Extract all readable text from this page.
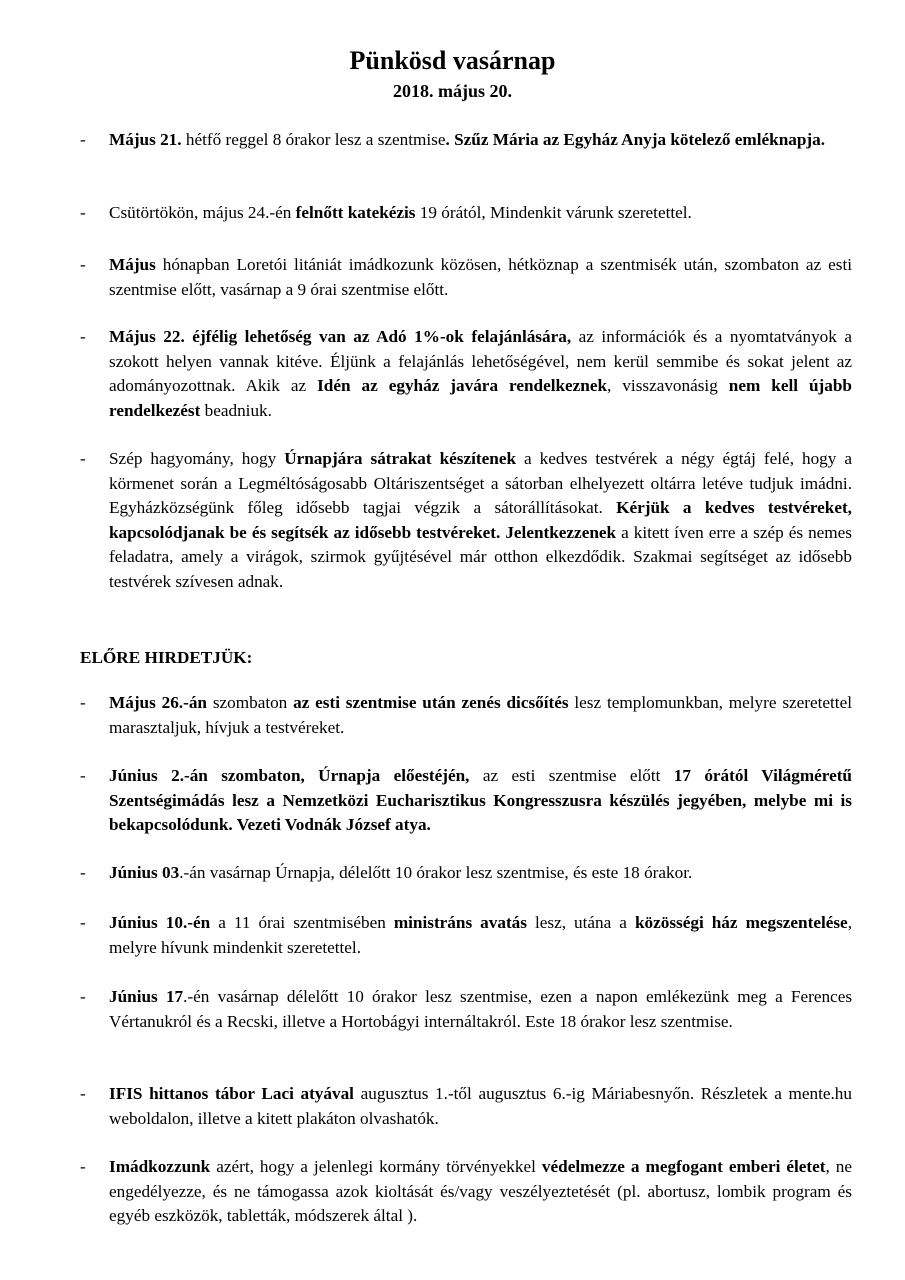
Pünkösd vasárnap
2018. május 20.
-	Május 21. hétfő reggel 8 órakor lesz a szentmise. Szűz Mária az Egyház Anyja kötelező emléknapja.
-	Csütörtökön, május 24.-én felnőtt katekézis 19 órától, Mindenkit várunk szeretettel.
-	Május hónapban Loretói litániát imádkozunk közösen, hétköznap a szentmisék után, szombaton az esti szentmise előtt, vasárnap a 9 órai szentmise előtt.
-	Május 22. éjfélig lehetőség van az Adó 1%-ok felajánlására, az információk és a nyomtatványok a szokott helyen vannak kitéve. Éljünk a felajánlás lehetőségével, nem kerül semmibe és sokat jelent az adományozottnak. Akik az Idén az egyház javára rendelkeznek, visszavonásig nem kell újabb rendelkezést beadniuk.
-	Szép hagyomány, hogy Úrnapjára sátrakat készítenek a kedves testvérek a négy égtáj felé, hogy a körmenet során a Legméltóságosabb Oltáriszentséget a sátorban elhelyezett oltárra letéve tudjuk imádni. Egyházközségünk főleg idősebb tagjai végzik a sátorállításokat. Kérjük a kedves testvéreket, kapcsolódjanak be és segítsék az idősebb testvéreket. Jelentkezzenek a kitett íven erre a szép és nemes feladatra, amely a virágok, szirmok gyűjtésével már otthon elkezdődik. Szakmai segítséget az idősebb testvérek szívesen adnak.
ELŐRE HIRDETJÜK:
-	Május 26.-án szombaton az esti szentmise után zenés dicsőítés lesz templomunkban, melyre szeretettel marasztaljuk, hívjuk a testvéreket.
-	Június 2.-án szombaton, Úrnapja előestéjén, az esti szentmise előtt 17 órától Világméretű Szentségimádás lesz a Nemzetközi Eucharisztikus Kongresszusra készülés jegyében, melybe mi is bekapcsolódunk. Vezeti Vodnák József atya.
-	Június 03.-án vasárnap Úrnapja, délelőtt 10 órakor lesz szentmise, és este 18 órakor.
-	Június 10.-én a 11 órai szentmisében ministráns avatás lesz, utána a közösségi ház megszentelése, melyre hívunk mindenkit szeretettel.
-	Június 17.-én vasárnap délelőtt 10 órakor lesz szentmise, ezen a napon emlékezünk meg a Ferences Vértanukról és a Recski, illetve a Hortobágyi internáltakról. Este 18 órakor lesz szentmise.
-	IFIS hittanos tábor Laci atyával augusztus 1.-től augusztus 6.-ig Máriabesnyőn. Részletek a mente.hu weboldalon, illetve a kitett plakáton olvashatók.
-	Imádkozzunk azért, hogy a jelenlegi kormány törvényekkel védelmezze a megfogant emberi életet, ne engedélyezze, és ne támogassa azok kioltását és/vagy veszélyeztetését (pl. abortusz, lombik program és egyéb eszközök, tabletták, módszerek által ).
